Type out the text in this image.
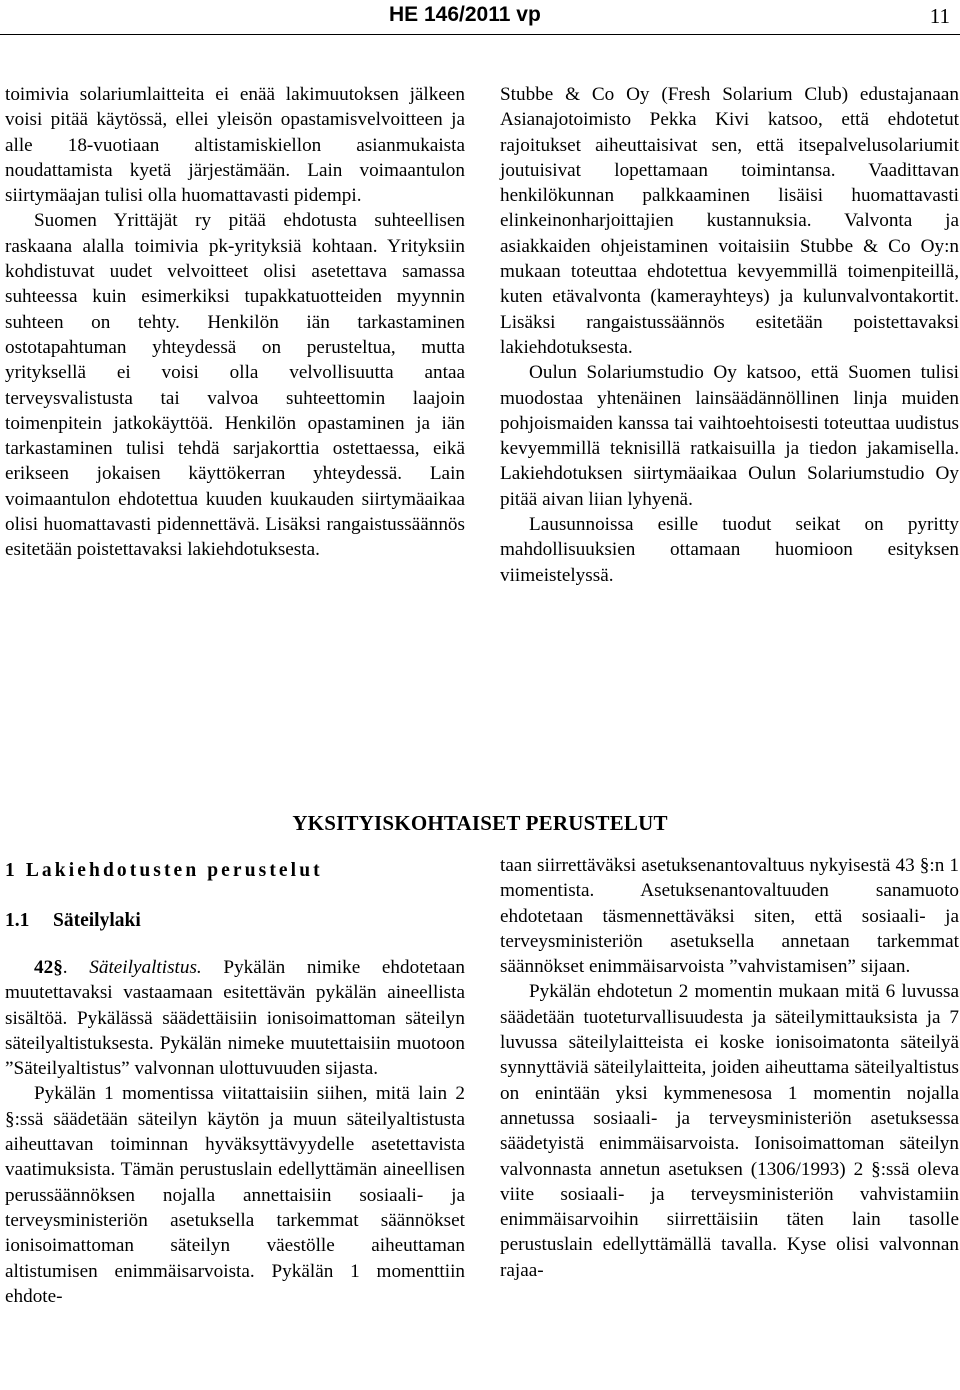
HE 146/2011 vp	11

toimivia solariumlaitteita ei enää lakimuutoksen jälkeen voisi pitää käytössä, ellei yleisön opastamisvelvoitteen ja alle 18-vuotiaan altistamiskiellon asianmukaista noudattamista kyetä järjestämään. Lain voimaantulon siirtymäajan tulisi olla huomattavasti pidempi.

Suomen Yrittäjät ry pitää ehdotusta suhteellisen raskaana alalla toimivia pk-yrityksiä kohtaan. Yrityksiin kohdistuvat uudet velvoitteet olisi asetettava samassa suhteessa kuin esimerkiksi tupakkatuotteiden myynnin suhteen on tehty. Henkilön iän tarkastaminen ostotapahtuman yhteydessä on perusteltua, mutta yrityksellä ei voisi olla velvollisuutta antaa terveysvalistusta tai valvoa suhteettomin laajoin toimenpitein jatkokäyttöä. Henkilön opastaminen ja iän tarkastaminen tulisi tehdä sarjakorttia ostettaessa, eikä erikseen jokaisen käyttökerran yhteydessä. Lain voimaantulon ehdotettua kuuden kuukauden siirtymäaikaa olisi huomattavasti pidennettävä. Lisäksi rangaistussäännös esitetään poistettavaksi lakiehdotuksesta.

Stubbe & Co Oy (Fresh Solarium Club) edustajanaan Asianajotoimisto Pekka Kivi katsoo, että ehdotetut rajoitukset aiheuttaisivat sen, että itsepalvelusolariumit joutuisivat lopettamaan toimintansa. Vaadittavan henkilökunnan palkkaaminen lisäisi huomattavasti elinkeinonharjoittajien kustannuksia. Valvonta ja asiakkaiden ohjeistaminen voitaisiin Stubbe & Co Oy:n mukaan toteuttaa ehdotettua kevyemmillä toimenpiteillä, kuten etävalvonta (kamerayhteys) ja kulunvalvontakortit. Lisäksi rangaistussäännös esitetään poistettavaksi lakiehdotuksesta.

Oulun Solariumstudio Oy katsoo, että Suomen tulisi muodostaa yhtenäinen lainsäädännöllinen linja muiden pohjoismaiden kanssa tai vaihtoehtoisesti toteuttaa uudistus kevyemmillä teknisillä ratkaisuilla ja tiedon jakamisella. Lakiehdotuksen siirtymäaikaa Oulun Solariumstudio Oy pitää aivan liian lyhyenä.

Lausunnoissa esille tuodut seikat on pyritty mahdollisuuksien ottamaan huomioon esityksen viimeistelyssä.

YKSITYISKOHTAISET PERUSTELUT
1 Lakiehdotusten perustelut
1.1 Säteilylaki

42§. Säteilyaltistus. Pykälän nimike ehdotetaan muutettavaksi vastaamaan esitettävän pykälän aineellista sisältöä. Pykälässä säädettäisiin ionisoimattoman säteilyn säteilyaltistuksesta. Pykälän nimeke muutettaisiin muotoon ”Säteilyaltistus” valvonnan ulottuvuuden sijasta.

Pykälän 1 momentissa viitattaisiin siihen, mitä lain 2 §:ssä säädetään säteilyn käytön ja muun säteilyaltistusta aiheuttavan toiminnan hyväksyttävyydelle asetettavista vaatimuksista. Tämän perustuslain edellyttämän aineellisen perussäännöksen nojalla annettaisiin sosiaali- ja terveysministeriön asetuksella tarkemmat säännökset ionisoimattoman säteilyn väestölle aiheuttaman altistumisen enimmäisarvoista. Pykälän 1 momenttiin ehdote-

taan siirrettäväksi asetuksenantovaltuus nykyisestä 43 §:n 1 momentista. Asetuksenantovaltuuden sanamuoto ehdotetaan täsmennettäväksi siten, että sosiaali- ja terveysministeriön asetuksella annetaan tarkemmat säännökset enimmäisarvoista ”vahvistamisen” sijaan.

Pykälän ehdotetun 2 momentin mukaan mitä 6 luvussa säädetään tuoteturvallisuudesta ja säteilymittauksista ja 7 luvussa säteilylaitteista ei koske ionisoimatonta säteilyä synnyttäviä säteilylaitteita, joiden aiheuttama säteilyaltistus on enintään yksi kymmenesosa 1 momentin nojalla annetussa sosiaali- ja terveysministeriön asetuksessa säädetyistä enimmäisarvoista. Ionisoimattoman säteilyn valvonnasta annetun asetuksen (1306/1993) 2 §:ssä oleva viite sosiaali- ja terveysministeriön vahvistamiin enimmäisarvoihin siirrettäisiin täten lain tasolle perustuslain edellyttämällä tavalla. Kyse olisi valvonnan rajaa-
